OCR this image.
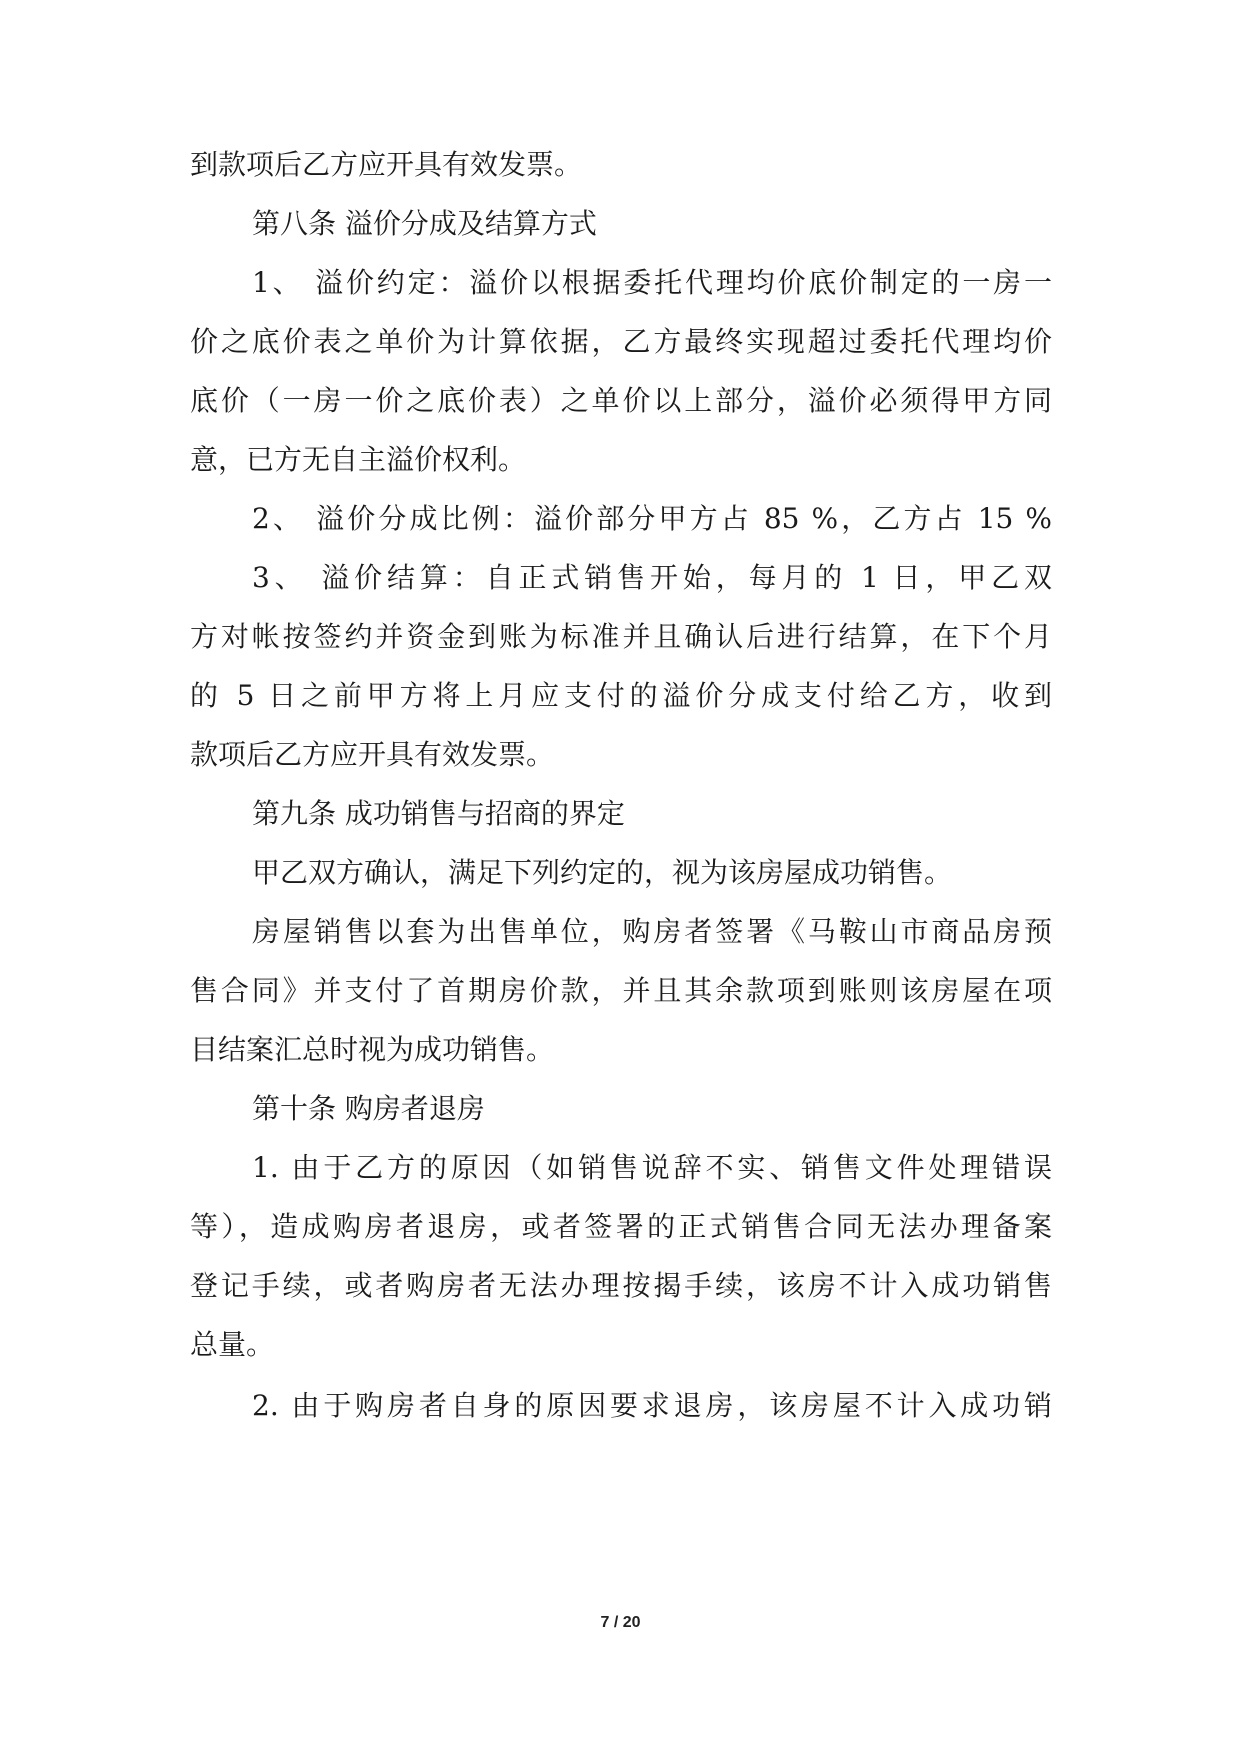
到款项后乙方应开具有效发票。
第八条 溢价分成及结算方式
1、 溢价约定：溢价以根据委托代理均价底价制定的一房一
价之底价表之单价为计算依据，乙方最终实现超过委托代理均价
底价（一房一价之底价表）之单价以上部分，溢价必须得甲方同
意，已方无自主溢价权利。
2、 溢价分成比例：溢价部分甲方占 85 %，乙方占 15 %
3、 溢价结算：自正式销售开始，每月的 1 日，甲乙双
方对帐按签约并资金到账为标准并且确认后进行结算，在下个月
的 5 日之前甲方将上月应支付的溢价分成支付给乙方，收到
款项后乙方应开具有效发票。
第九条 成功销售与招商的界定
甲乙双方确认，满足下列约定的，视为该房屋成功销售。
房屋销售以套为出售单位，购房者签署《马鞍山市商品房预
售合同》并支付了首期房价款，并且其余款项到账则该房屋在项
目结案汇总时视为成功销售。
第十条 购房者退房
1. 由于乙方的原因（如销售说辞不实、销售文件处理错误
等），造成购房者退房，或者签署的正式销售合同无法办理备案
登记手续，或者购房者无法办理按揭手续，该房不计入成功销售
总量。
2. 由于购房者自身的原因要求退房，该房屋不计入成功销
7 / 20
